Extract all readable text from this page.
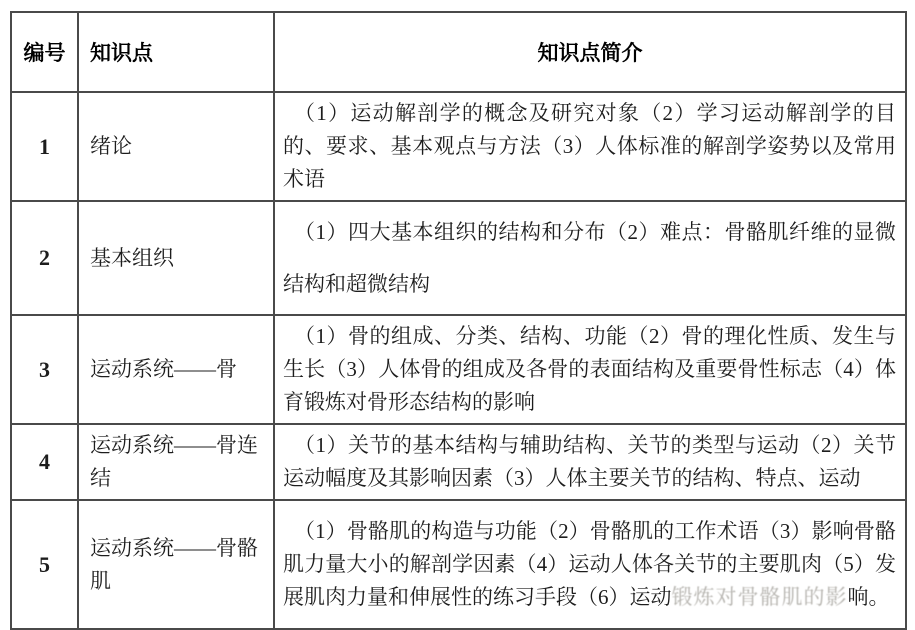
编号	知识点	知识点简介
1	绪论	（1）运动解剖学的概念及研究对象（2）学习运动解剖学的目的、要求、基本观点与方法（3）人体标准的解剖学姿势以及常用术语
2	基本组织	（1）四大基本组织的结构和分布（2）难点：骨骼肌纤维的显微结构和超微结构
3	运动系统——骨	（1）骨的组成、分类、结构、功能（2）骨的理化性质、发生与生长（3）人体骨的组成及各骨的表面结构及重要骨性标志（4）体育锻炼对骨形态结构的影响
4	运动系统——骨连结	（1）关节的基本结构与辅助结构、关节的类型与运动（2）关节运动幅度及其影响因素（3）人体主要关节的结构、特点、运动
5	运动系统——骨骼肌	（1）骨骼肌的构造与功能（2）骨骼肌的工作术语（3）影响骨骼肌力量大小的解剖学因素（4）运动人体各关节的主要肌肉（5）发展肌肉力量和伸展性的练习手段（6）运动锻炼对骨骼肌的影响。
